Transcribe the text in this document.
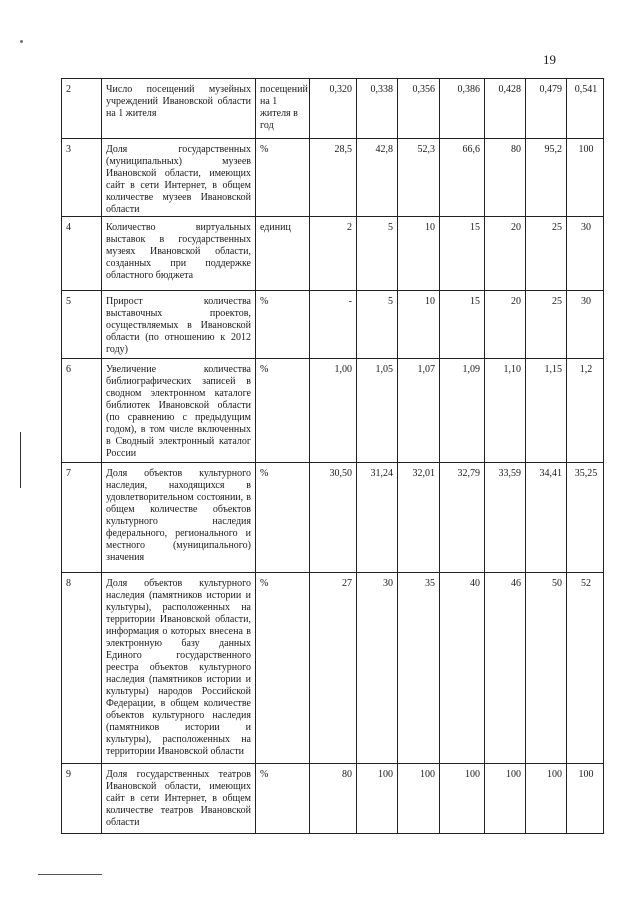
19
2	Число посещений музейных учреждений Ивановской области на 1 жителя	посещений на 1 жителя в год	0,320	0,338	0,356	0,386	0,428	0,479	0,541
3	Доля государственных (муниципальных) музеев Ивановской области, имеющих сайт в сети Интернет, в общем количестве музеев Ивановской области	%	28,5	42,8	52,3	66,6	80	95,2	100
4	Количество виртуальных выставок в государственных музеях Ивановской области, созданных при поддержке областного бюджета	единиц	2	5	10	15	20	25	30
5	Прирост количества выставочных проектов, осуществляемых в Ивановской области (по отношению к 2012 году)	%	-	5	10	15	20	25	30
6	Увеличение количества библиографических записей в сводном электронном каталоге библиотек Ивановской области (по сравнению с предыдущим годом), в том числе включенных в Сводный электронный каталог России	%	1,00	1,05	1,07	1,09	1,10	1,15	1,2
7	Доля объектов культурного наследия, находящихся в удовлетворительном состоянии, в общем количестве объектов культурного наследия федерального, регионального и местного (муниципального) значения	%	30,50	31,24	32,01	32,79	33,59	34,41	35,25
8	Доля объектов культурного наследия (памятников истории и культуры), расположенных на территории Ивановской области, информация о которых внесена в электронную базу данных Единого государственного реестра объектов культурного наследия (памятников истории и культуры) народов Российской Федерации, в общем количестве объектов культурного наследия (памятников истории и культуры), расположенных на территории Ивановской области	%	27	30	35	40	46	50	52
9	Доля государственных театров Ивановской области, имеющих сайт в сети Интернет, в общем количестве театров Ивановской области	%	80	100	100	100	100	100	100
